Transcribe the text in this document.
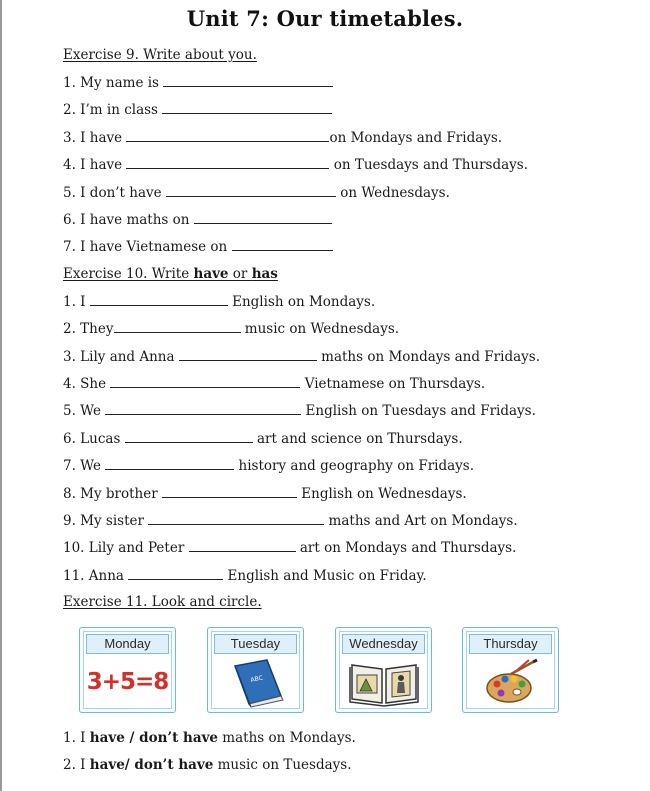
Unit 7: Our timetables.
Exercise 9. Write about you.
1. My name is
2. I’m in class
3. I have	on Mondays and Fridays.
4. I have	on Tuesdays and Thursdays.
5. I don’t have	on Wednesdays.
6. I have maths on
7. I have Vietnamese on
Exercise 10. Write have or has
1. I	English on Mondays.
2. They	music on Wednesdays.
3. Lily and Anna	maths on Mondays and Fridays.
4. She	Vietnamese on Thursdays.
5. We	English on Tuesdays and Fridays.
6. Lucas	art and science on Thursdays.
7. We	history and geography on Fridays.
8. My brother	English on Wednesdays.
9. My sister	maths and Art on Mondays.
10. Lily and Peter	art on Mondays and Thursdays.
11. Anna	English and Music on Friday.
Exercise 11. Look and circle.
Monday
3+5=8
Tuesday
ABC
Wednesday	Thursday
1. I have / don’t have maths on Mondays.
2. I have/ don’t have music on Tuesdays.
